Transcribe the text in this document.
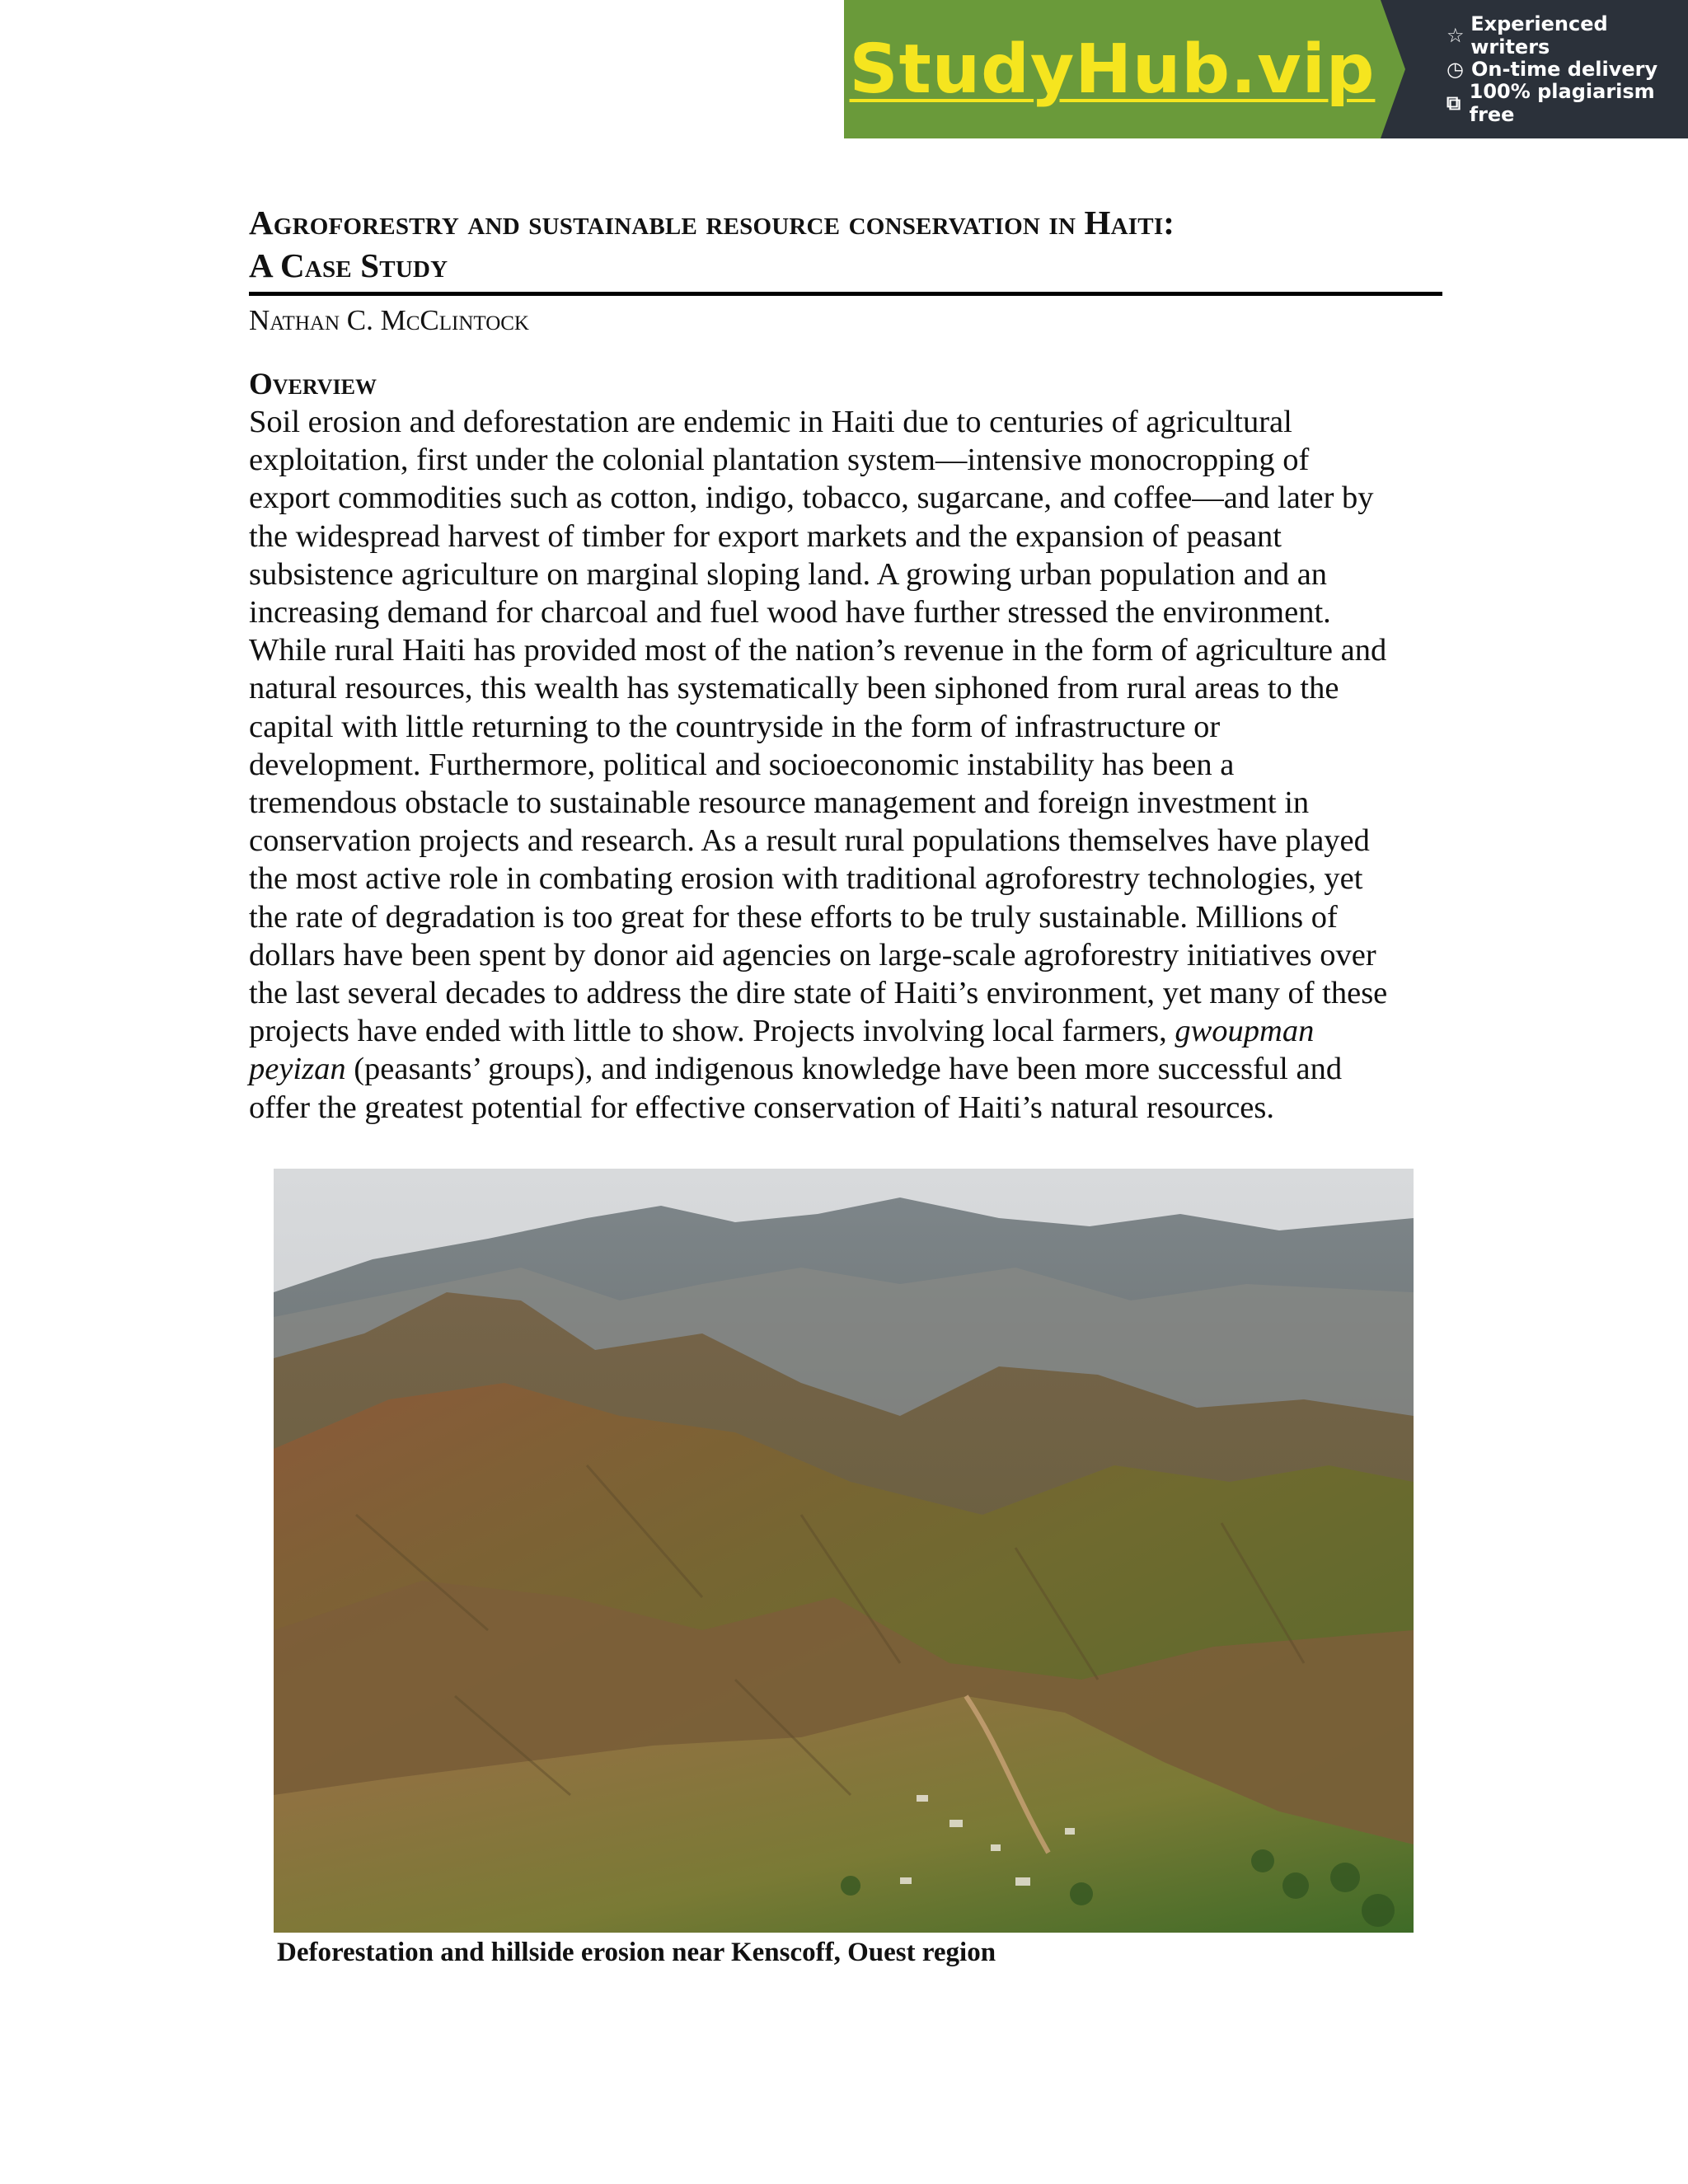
StudyHub.vip	☆ Experienced writers
◷ On-time delivery
⧉ 100% plagiarism free
Agroforestry and sustainable resource conservation in Haiti:
A Case Study
Nathan C. McClintock
Overview
Soil erosion and deforestation are endemic in Haiti due to centuries of agricultural
exploitation, first under the colonial plantation system—intensive monocropping of
export commodities such as cotton, indigo, tobacco, sugarcane, and coffee—and later by
the widespread harvest of timber for export markets and the expansion of peasant
subsistence agriculture on marginal sloping land. A growing urban population and an
increasing demand for charcoal and fuel wood have further stressed the environment.
While rural Haiti has provided most of the nation’s revenue in the form of agriculture and
natural resources, this wealth has systematically been siphoned from rural areas to the
capital with little returning to the countryside in the form of infrastructure or
development. Furthermore, political and socioeconomic instability has been a
tremendous obstacle to sustainable resource management and foreign investment in
conservation projects and research. As a result rural populations themselves have played
the most active role in combating erosion with traditional agroforestry technologies, yet
the rate of degradation is too great for these efforts to be truly sustainable. Millions of
dollars have been spent by donor aid agencies on large-scale agroforestry initiatives over
the last several decades to address the dire state of Haiti’s environment, yet many of these
projects have ended with little to show. Projects involving local farmers, gwoupman
peyizan (peasants’ groups), and indigenous knowledge have been more successful and
offer the greatest potential for effective conservation of Haiti’s natural resources.
Deforestation and hillside erosion near Kenscoff, Ouest region
